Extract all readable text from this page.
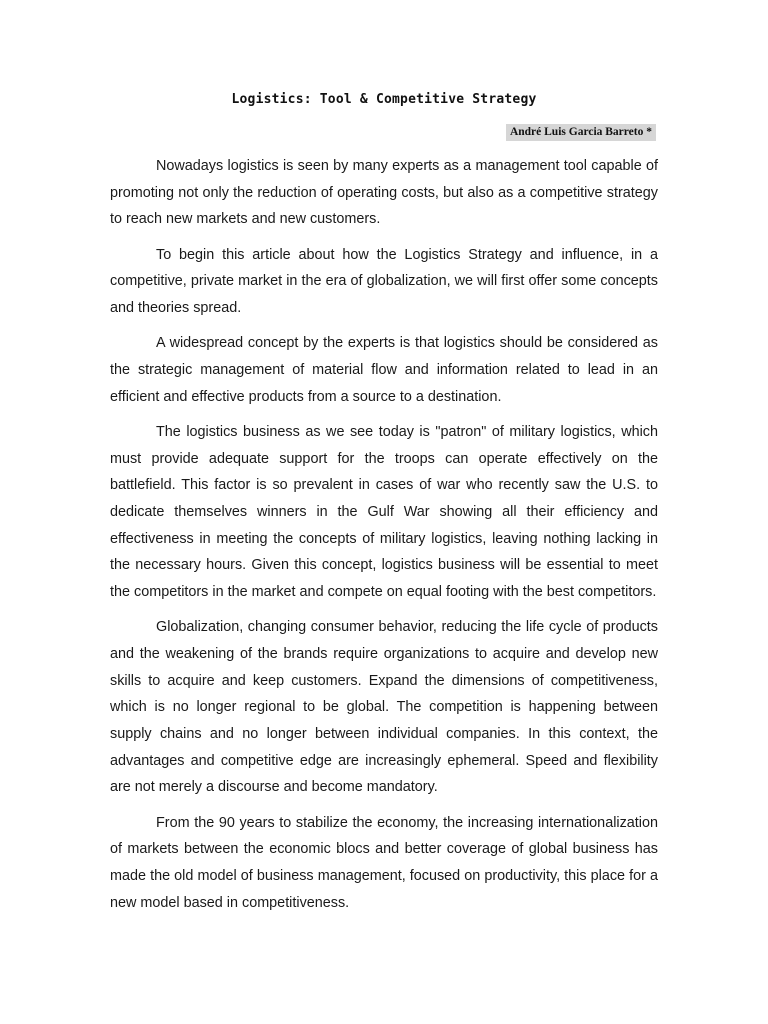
Logistics: Tool & Competitive Strategy
André Luis Garcia Barreto *

Nowadays logistics is seen by many experts as a management tool capable of promoting not only the reduction of operating costs, but also as a competitive strategy to reach new markets and new customers.

To begin this article about how the Logistics Strategy and influence, in a competitive, private market in the era of globalization, we will first offer some concepts and theories spread.

A widespread concept by the experts is that logistics should be considered as the strategic management of material flow and information related to lead in an efficient and effective products from a source to a destination.

The logistics business as we see today is "patron" of military logistics, which must provide adequate support for the troops can operate effectively on the battlefield. This factor is so prevalent in cases of war who recently saw the U.S. to dedicate themselves winners in the Gulf War showing all their efficiency and effectiveness in meeting the concepts of military logistics, leaving nothing lacking in the necessary hours. Given this concept, logistics business will be essential to meet the competitors in the market and compete on equal footing with the best competitors.

Globalization, changing consumer behavior, reducing the life cycle of products and the weakening of the brands require organizations to acquire and develop new skills to acquire and keep customers. Expand the dimensions of competitiveness, which is no longer regional to be global. The competition is happening between supply chains and no longer between individual companies. In this context, the advantages and competitive edge are increasingly ephemeral. Speed and flexibility are not merely a discourse and become mandatory.

From the 90 years to stabilize the economy, the increasing internationalization of markets between the economic blocs and better coverage of global business has made the old model of business management, focused on productivity, this place for a new model based in competitiveness.
